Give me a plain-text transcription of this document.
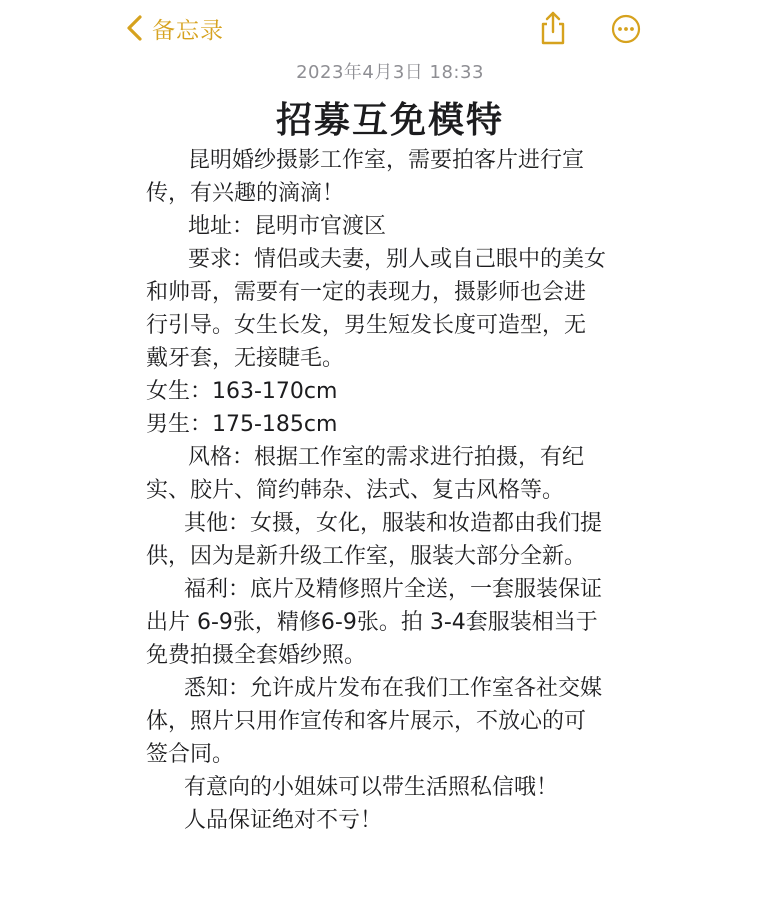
备忘录
2023年4月3日 18:33
招募互免模特
昆明婚纱摄影工作室，需要拍客片进行宣
传，有兴趣的滴滴！
地址：昆明市官渡区
要求：情侣或夫妻，别人或自己眼中的美女
和帅哥，需要有一定的表现力，摄影师也会进
行引导。女生长发，男生短发长度可造型，无
戴牙套，无接睫毛。
女生：163-170cm
男生：175-185cm
风格：根据工作室的需求进行拍摄，有纪
实、胶片、简约韩杂、法式、复古风格等。
其他：女摄，女化，服装和妆造都由我们提
供，因为是新升级工作室，服装大部分全新。
福利：底片及精修照片全送，一套服装保证
出片 6-9张，精修6-9张。拍 3-4套服装相当于
免费拍摄全套婚纱照。
悉知：允许成片发布在我们工作室各社交媒
体，照片只用作宣传和客片展示，不放心的可
签合同。
有意向的小姐妹可以带生活照私信哦！
人品保证绝对不亏！
